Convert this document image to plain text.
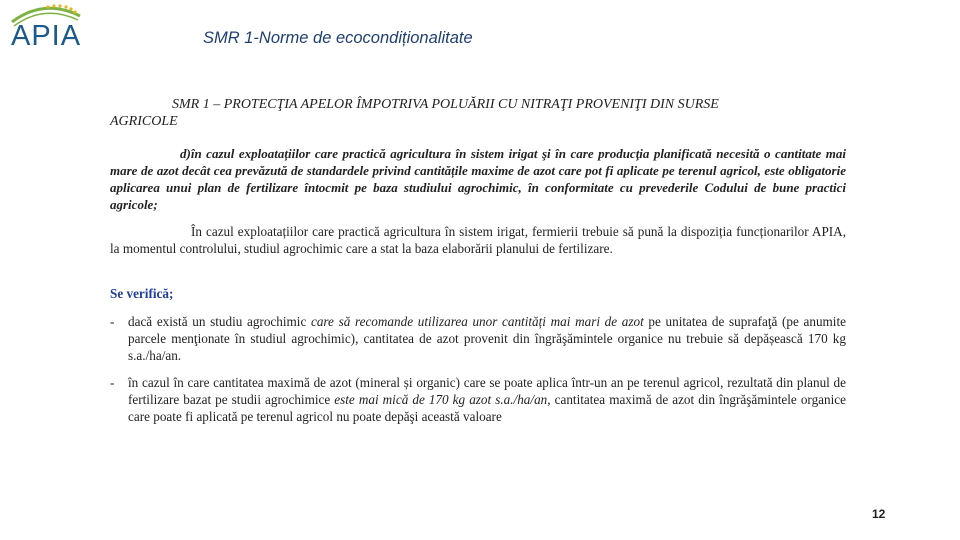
APIA	SMR 1-Norme de ecocondiționalitate
SMR 1 – PROTECŢIA APELOR ÎMPOTRIVA POLUĂRII CU NITRAŢI PROVENIŢI DIN SURSE
AGRICOLE
d)în cazul exploatațiilor care practică agricultura în sistem irigat şi în care producţia planificată necesită o cantitate mai mare de azot decât cea prevăzută de standardele privind cantitățile maxime de azot care pot fi aplicate pe terenul agricol, este obligatorie aplicarea unui plan de fertilizare întocmit pe baza studiului agrochimic, în conformitate cu prevederile Codului de bune practici agricole;
În cazul exploatațiilor care practică agricultura în sistem irigat, fermierii trebuie să pună la dispoziția funcționarilor APIA, la momentul controlului, studiul agrochimic care a stat la baza elaborării planului de fertilizare.
Se verifică;
- dacă există un studiu agrochimic care să recomande utilizarea unor cantități mai mari de azot pe unitatea de suprafaţă (pe anumite parcele menţionate în studiul agrochimic), cantitatea de azot provenit din îngrăşămintele organice nu trebuie să depășească 170 kg s.a./ha/an.
- în cazul în care cantitatea maximă de azot (mineral și organic) care se poate aplica într-un an pe terenul agricol, rezultată din planul de fertilizare bazat pe studii agrochimice este mai mică de 170 kg azot s.a./ha/an, cantitatea maximă de azot din îngrăşămintele organice care poate fi aplicată pe terenul agricol nu poate depăşi această valoare
12
